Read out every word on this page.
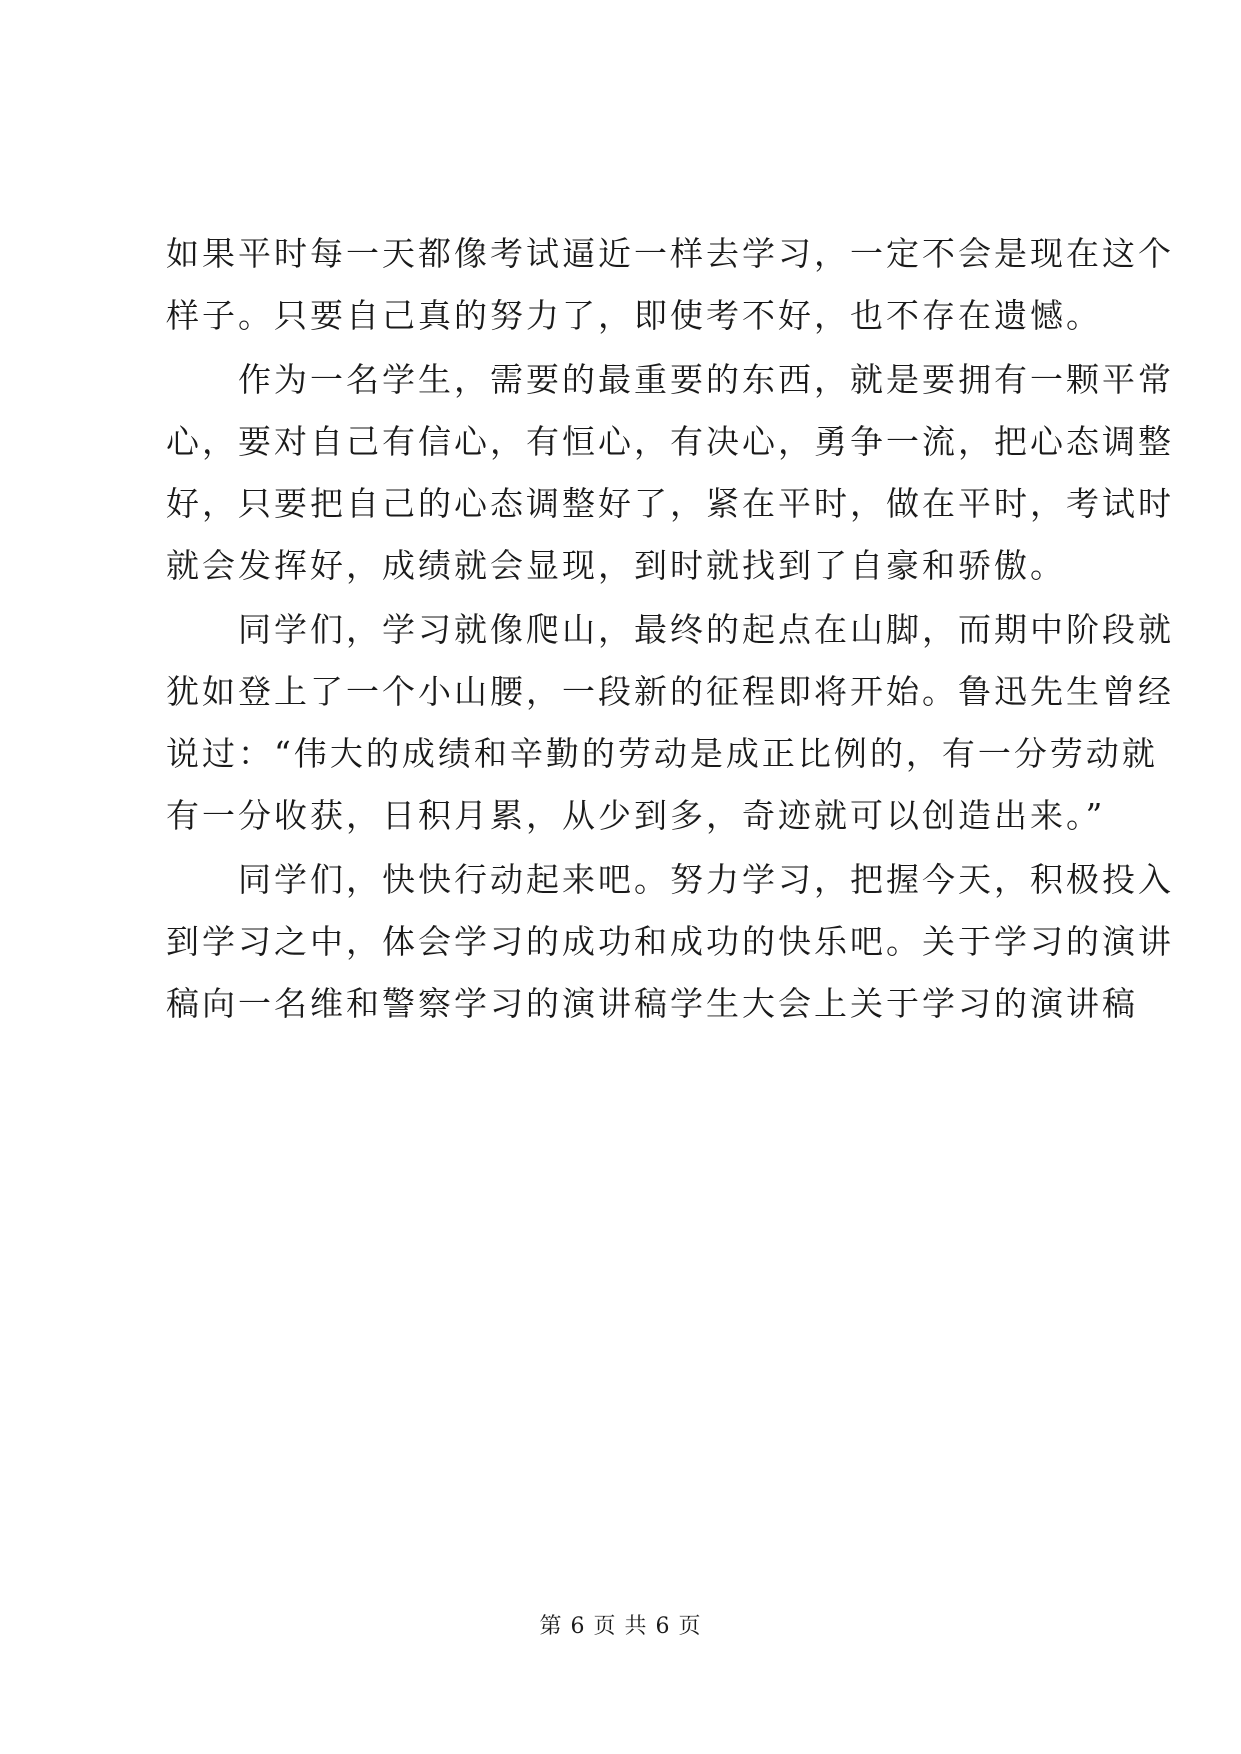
如果平时每一天都像考试逼近一样去学习，一定不会是现在这个
样子。只要自己真的努力了，即使考不好，也不存在遗憾。
　　作为一名学生，需要的最重要的东西，就是要拥有一颗平常
心，要对自己有信心，有恒心，有决心，勇争一流，把心态调整
好，只要把自己的心态调整好了，紧在平时，做在平时，考试时
就会发挥好，成绩就会显现，到时就找到了自豪和骄傲。
　　同学们，学习就像爬山，最终的起点在山脚，而期中阶段就
犹如登上了一个小山腰，一段新的征程即将开始。鲁迅先生曾经
说过：“伟大的成绩和辛勤的劳动是成正比例的，有一分劳动就
有一分收获，日积月累，从少到多，奇迹就可以创造出来。”
　　同学们，快快行动起来吧。努力学习，把握今天，积极投入
到学习之中，体会学习的成功和成功的快乐吧。关于学习的演讲
稿向一名维和警察学习的演讲稿学生大会上关于学习的演讲稿
第 6 页 共 6 页
